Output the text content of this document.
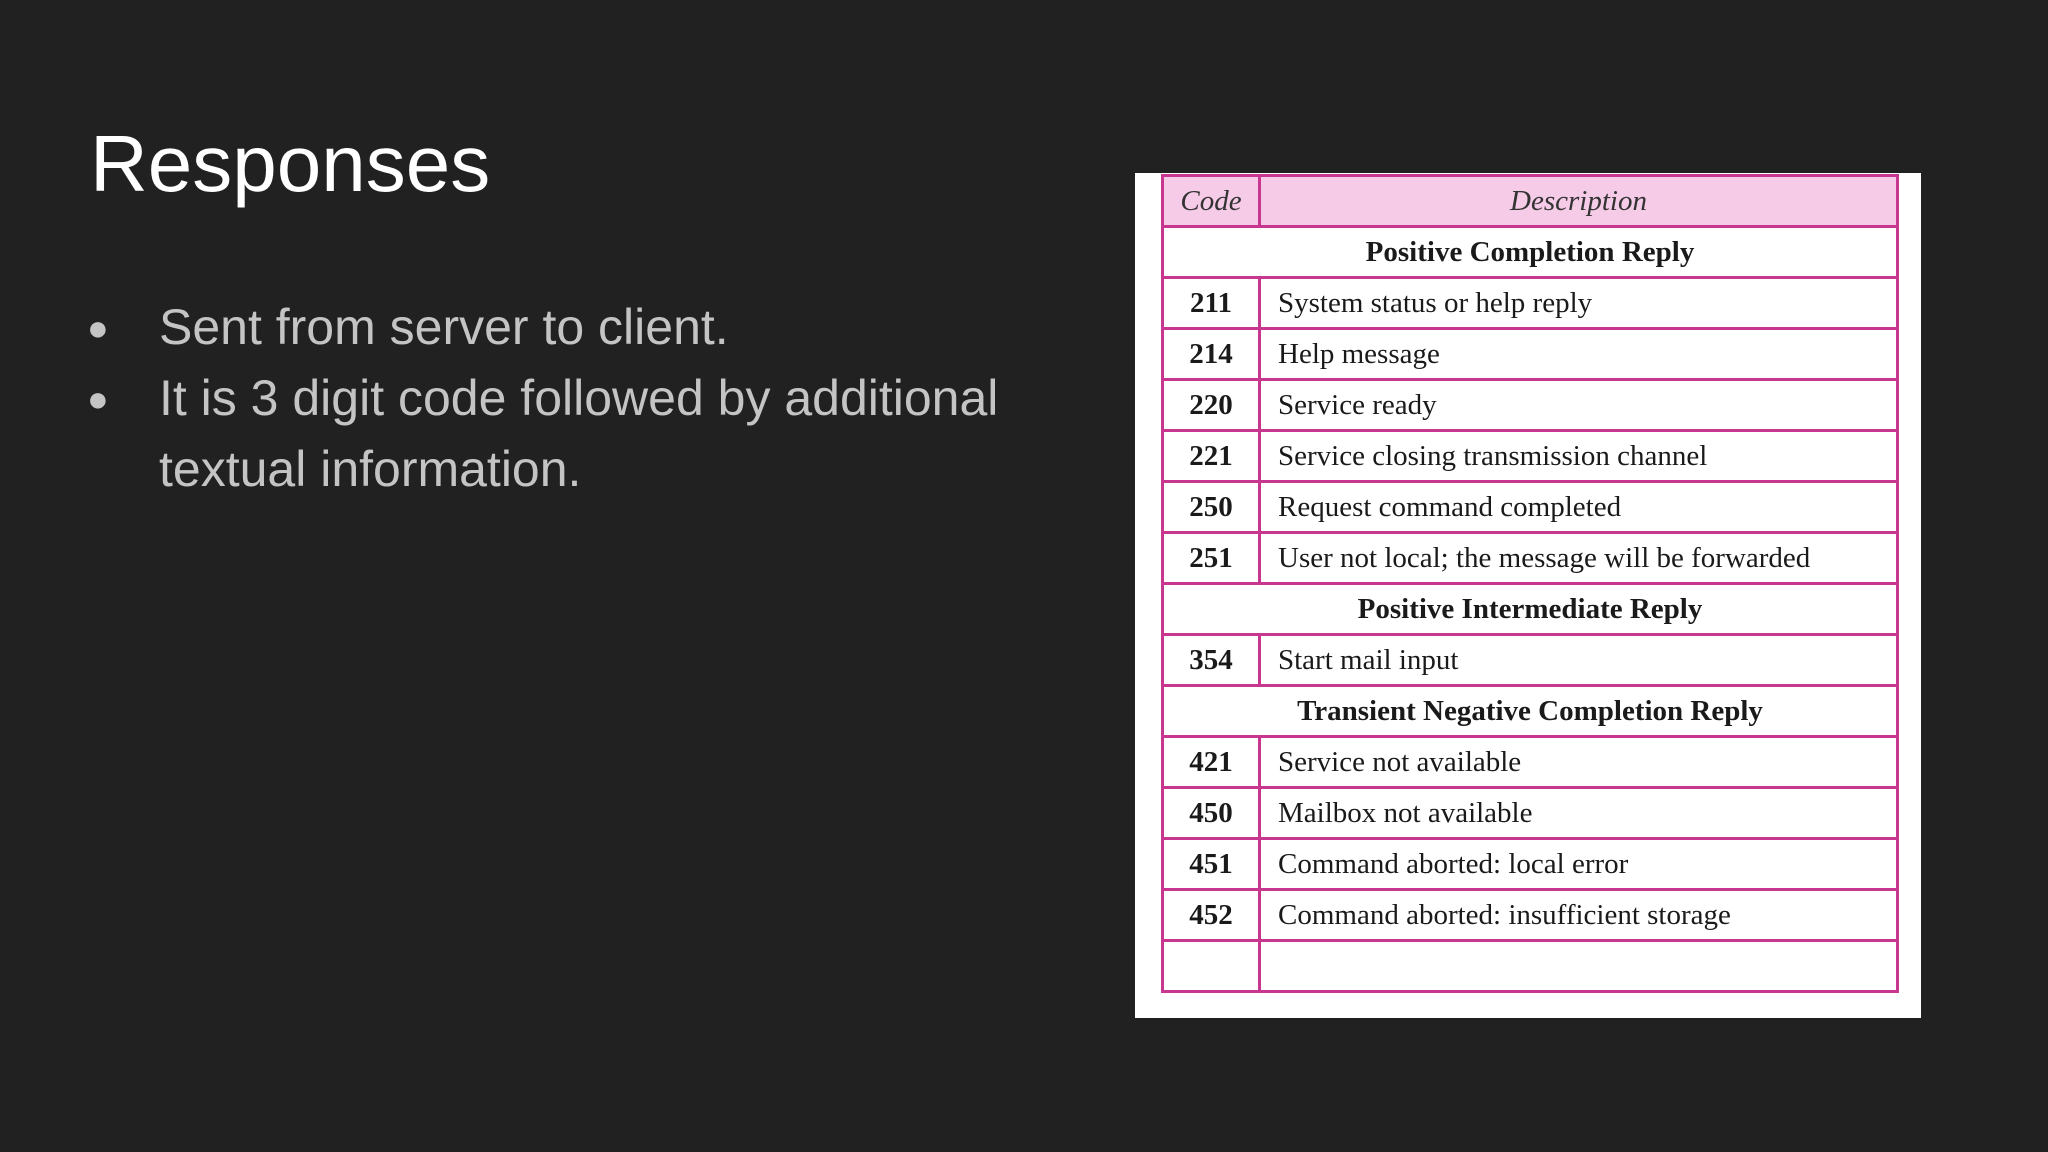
Responses
● Sent from server to client.
● It is 3 digit code followed by additional textual information.
Code	Description
Positive Completion Reply	
211	System status or help reply
214	Help message
220	Service ready
221	Service closing transmission channel
250	Request command completed
251	User not local; the message will be forwarded
Positive Intermediate Reply	
354	Start mail input
Transient Negative Completion Reply	
421	Service not available
450	Mailbox not available
451	Command aborted: local error
452	Command aborted: insufficient storage
